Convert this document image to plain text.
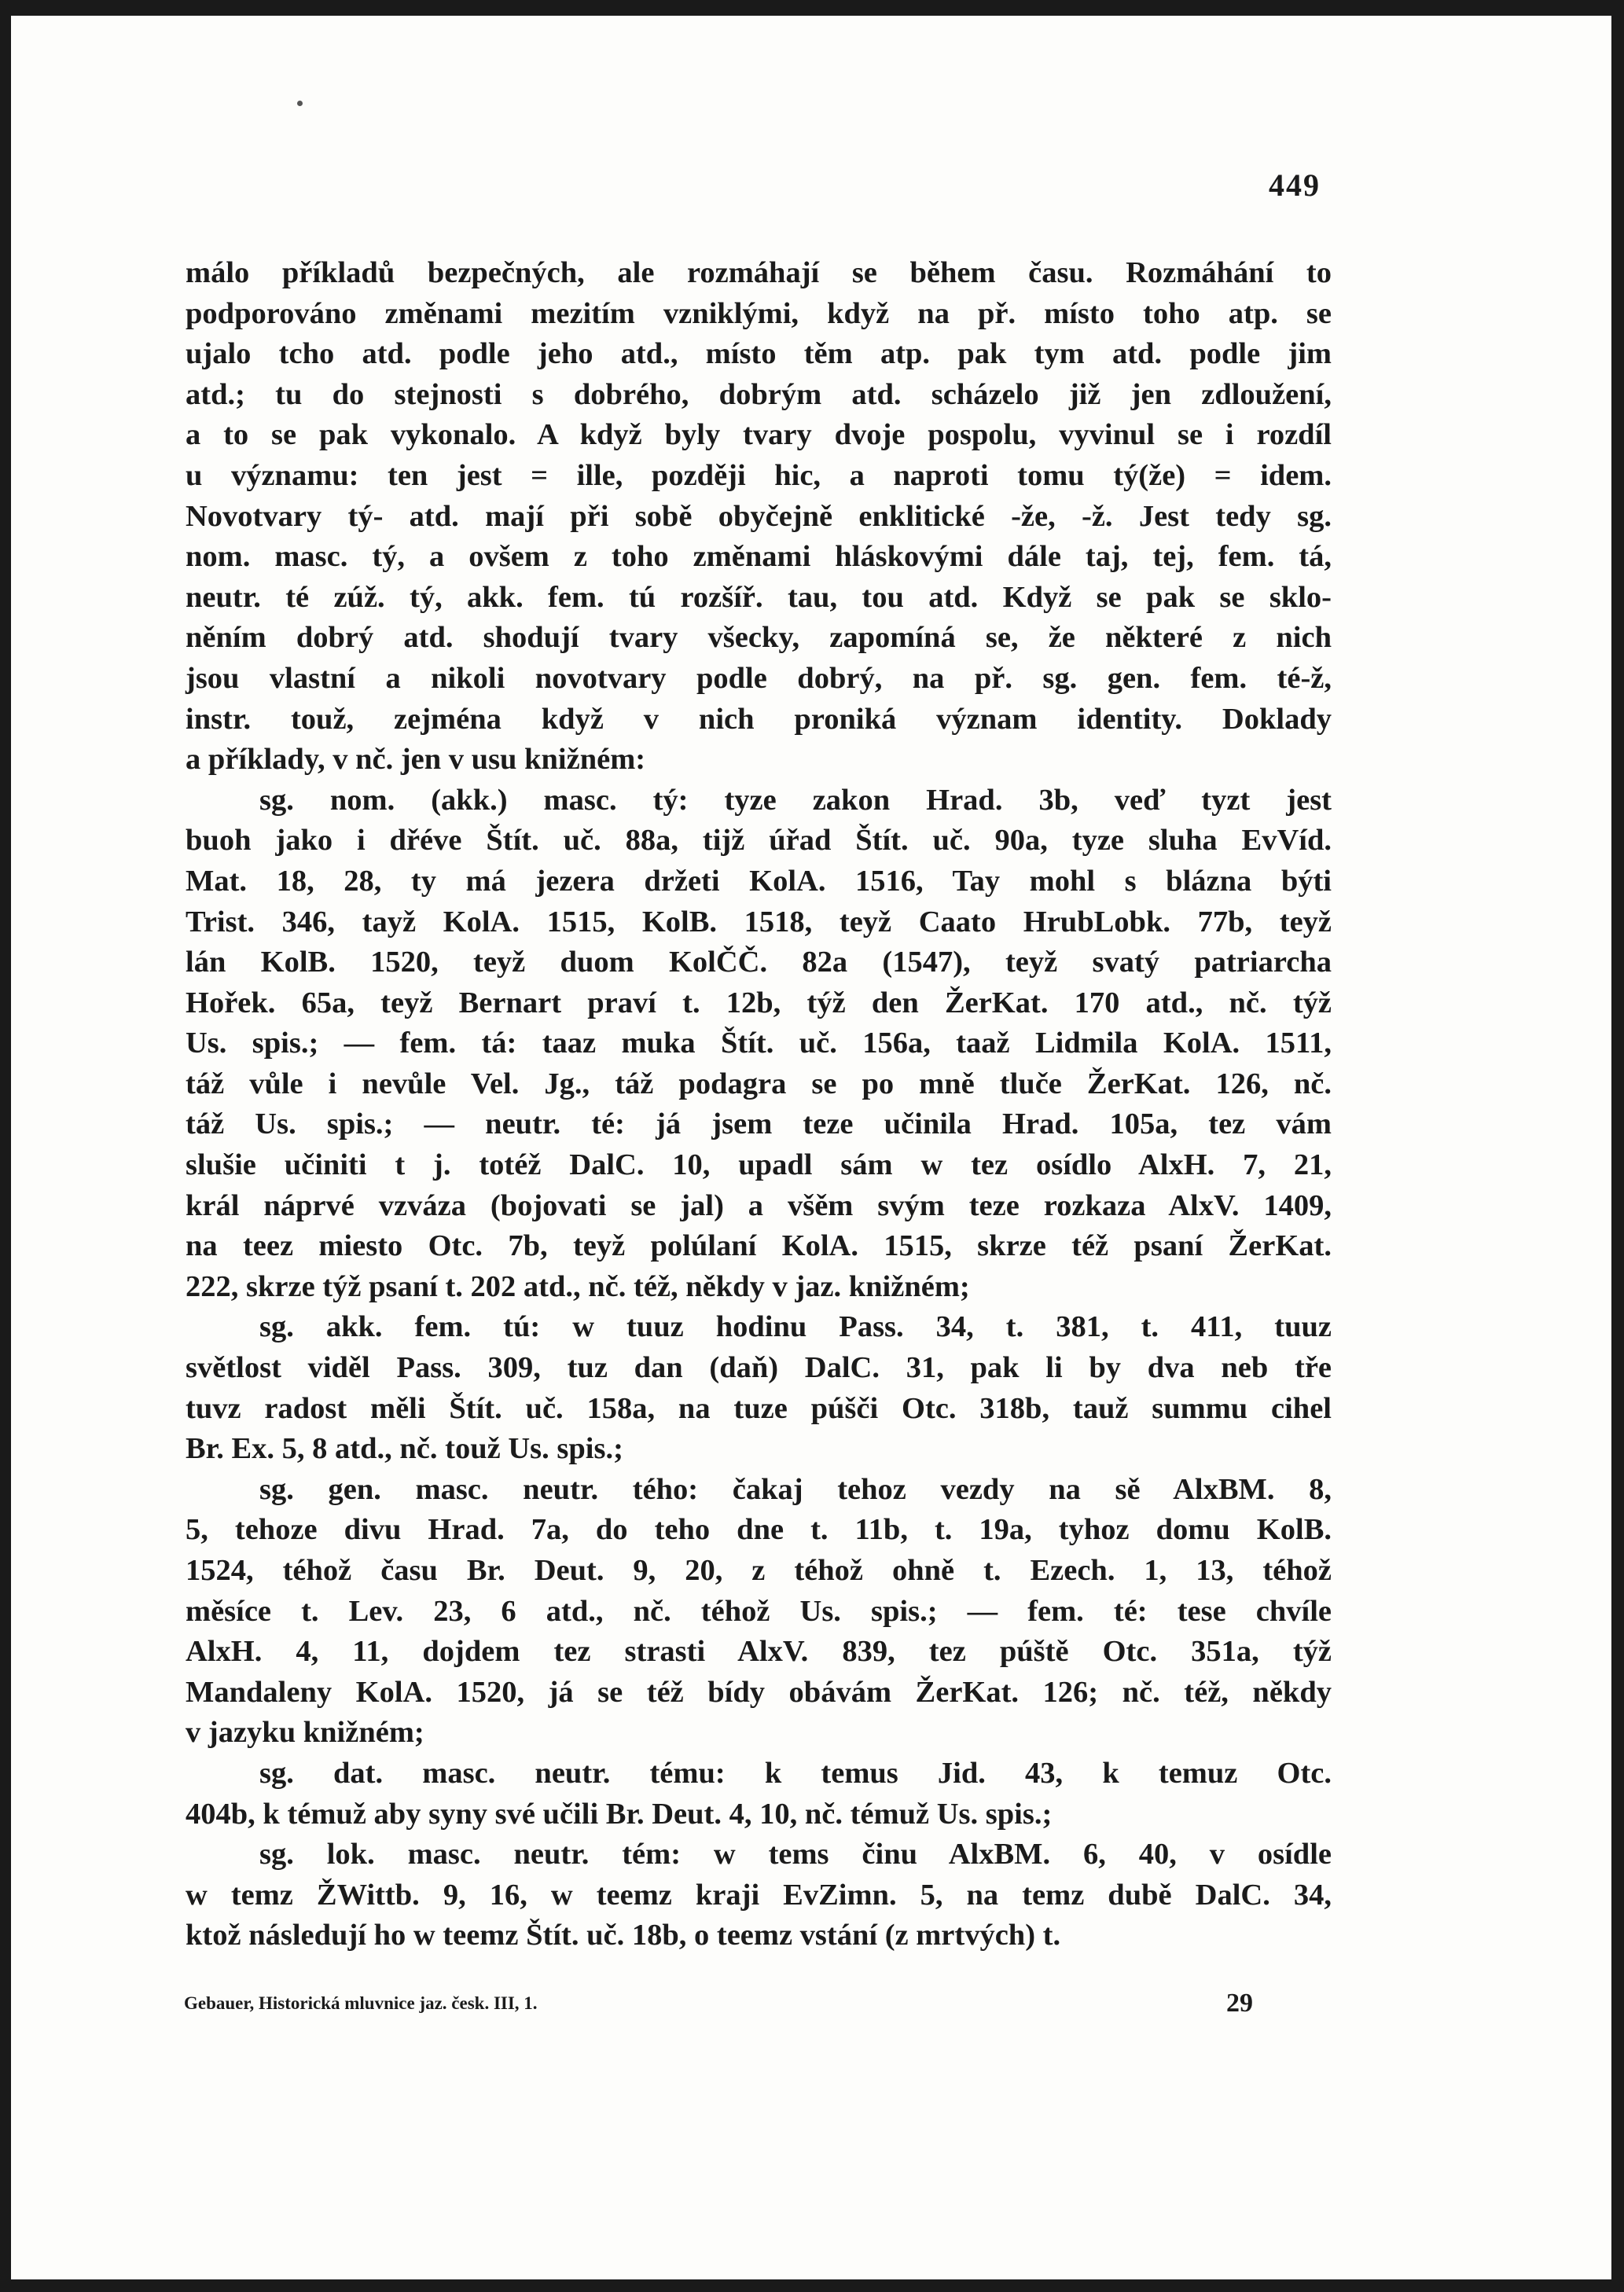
449
málo příkladů bezpečných, ale rozmáhají se během času. Rozmáhání to
podporováno změnami mezitím vzniklými, když na př. místo toho atp. se
ujalo tcho atd. podle jeho atd., místo těm atp. pak tym atd. podle jim
atd.; tu do stejnosti s dobrého, dobrým atd. scházelo již jen zdloužení,
a to se pak vykonalo. A když byly tvary dvoje pospolu, vyvinul se i rozdíl
u významu: ten jest = ille, později hic, a naproti tomu tý(že) = idem.
Novotvary tý- atd. mají při sobě obyčejně enklitické -že, -ž. Jest tedy sg.
nom. masc. tý, a ovšem z toho změnami hláskovými dále taj, tej, fem. tá,
neutr. té zúž. tý, akk. fem. tú rozšíř. tau, tou atd. Když se pak se sklo-
něním dobrý atd. shodují tvary všecky, zapomíná se, že některé z nich
jsou vlastní a nikoli novotvary podle dobrý, na př. sg. gen. fem. té-ž,
instr. touž, zejména když v nich proniká význam identity. Doklady
a příklady, v nč. jen v usu knižném:
sg. nom. (akk.) masc. tý: tyze zakon Hrad. 3b, veď tyzt jest
buoh jako i dřéve Štít. uč. 88a, tijž úřad Štít. uč. 90a, tyze sluha EvVíd.
Mat. 18, 28, ty má jezera držeti KolA. 1516, Tay mohl s blázna býti
Trist. 346, tayž KolA. 1515, KolB. 1518, teyž Caato HrubLobk. 77b, teyž
lán KolB. 1520, teyž duom KolČČ. 82a (1547), teyž svatý patriarcha
Hořek. 65a, teyž Bernart praví t. 12b, týž den ŽerKat. 170 atd., nč. týž
Us. spis.; — fem. tá: taaz muka Štít. uč. 156a, taaž Lidmila KolA. 1511,
táž vůle i nevůle Vel. Jg., táž podagra se po mně tluče ŽerKat. 126, nč.
táž Us. spis.; — neutr. té: já jsem teze učinila Hrad. 105a, tez vám
slušie učiniti t j. totéž DalC. 10, upadl sám w tez osídlo AlxH. 7, 21,
král náprvé vzváza (bojovati se jal) a všěm svým teze rozkaza AlxV. 1409,
na teez miesto Otc. 7b, teyž polúlaní KolA. 1515, skrze též psaní ŽerKat.
222, skrze týž psaní t. 202 atd., nč. též, někdy v jaz. knižném;
sg. akk. fem. tú: w tuuz hodinu Pass. 34, t. 381, t. 411, tuuz
světlost viděl Pass. 309, tuz dan (daň) DalC. 31, pak li by dva neb tře
tuvz radost měli Štít. uč. 158a, na tuze púšči Otc. 318b, tauž summu cihel
Br. Ex. 5, 8 atd., nč. touž Us. spis.;
sg. gen. masc. neutr. tého: čakaj tehoz vezdy na sě AlxBM. 8,
5, tehoze divu Hrad. 7a, do teho dne t. 11b, t. 19a, tyhoz domu KolB.
1524, téhož času Br. Deut. 9, 20, z téhož ohně t. Ezech. 1, 13, téhož
měsíce t. Lev. 23, 6 atd., nč. téhož Us. spis.; — fem. té: tese chvíle
AlxH. 4, 11, dojdem tez strasti AlxV. 839, tez púště Otc. 351a, týž
Mandaleny KolA. 1520, já se též bídy obávám ŽerKat. 126; nč. též, někdy
v jazyku knižném;
sg. dat. masc. neutr. tému: k temus Jid. 43, k temuz Otc.
404b, k témuž aby syny své učili Br. Deut. 4, 10, nč. témuž Us. spis.;
sg. lok. masc. neutr. tém: w tems činu AlxBM. 6, 40, v osídle
w temz ŽWittb. 9, 16, w teemz kraji EvZimn. 5, na temz dubě DalC. 34,
ktož následují ho w teemz Štít. uč. 18b, o teemz vstání (z mrtvých) t.
Gebauer, Historická mluvnice jaz. česk. III, 1.	29
